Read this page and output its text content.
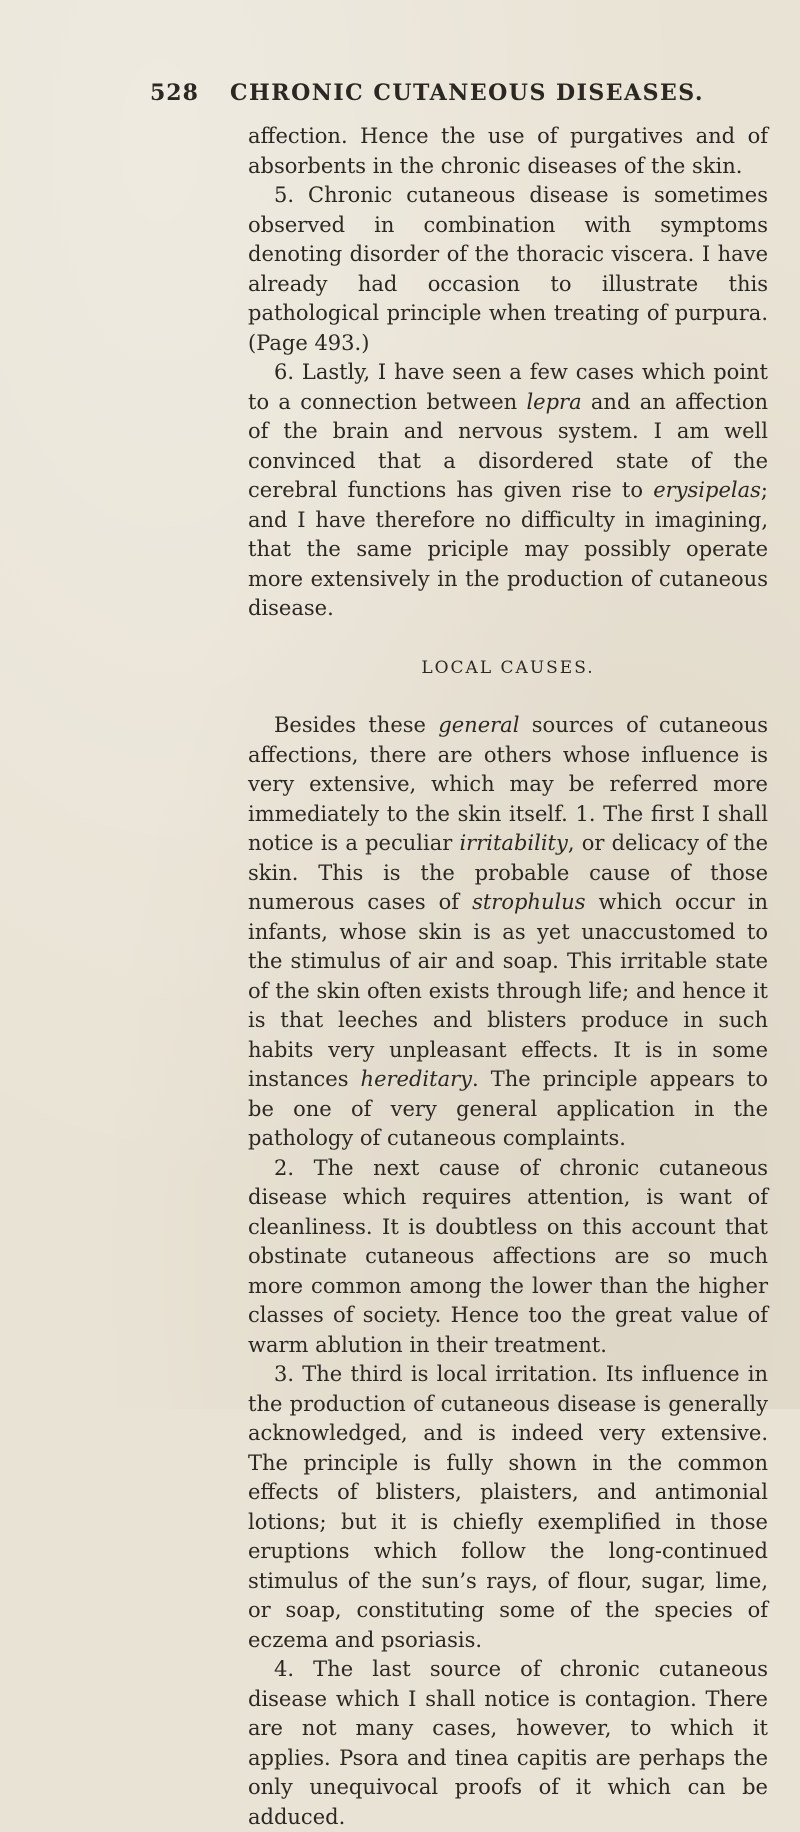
528 CHRONIC CUTANEOUS DISEASES.

affection. Hence the use of purgatives and of absorbents in the chronic diseases of the skin.

5. Chronic cutaneous disease is sometimes observed in combination with symptoms denoting disorder of the thoracic viscera. I have already had occasion to illustrate this pathological principle when treating of purpura. (Page 493.)

6. Lastly, I have seen a few cases which point to a connection between lepra and an affection of the brain and nervous system. I am well convinced that a disordered state of the cerebral functions has given rise to erysipelas; and I have therefore no difficulty in imagining, that the same priciple may possibly operate more extensively in the production of cutaneous disease.

LOCAL CAUSES.

Besides these general sources of cutaneous affections, there are others whose influence is very extensive, which may be referred more immediately to the skin itself. 1. The first I shall notice is a peculiar irritability, or delicacy of the skin. This is the probable cause of those numerous cases of strophulus which occur in infants, whose skin is as yet unaccustomed to the stimulus of air and soap. This irritable state of the skin often exists through life; and hence it is that leeches and blisters produce in such habits very unpleasant effects. It is in some instances hereditary. The principle appears to be one of very general application in the pathology of cutaneous complaints.

2. The next cause of chronic cutaneous disease which requires attention, is want of cleanliness. It is doubtless on this account that obstinate cutaneous affections are so much more common among the lower than the higher classes of society. Hence too the great value of warm ablution in their treatment.

3. The third is local irritation. Its influence in the production of cutaneous disease is generally acknowledged, and is indeed very extensive. The principle is fully shown in the common effects of blisters, plaisters, and antimonial lotions; but it is chiefly exemplified in those eruptions which follow the long-continued stimulus of the sun’s rays, of flour, sugar, lime, or soap, constituting some of the species of eczema and psoriasis.

4. The last source of chronic cutaneous disease which I shall notice is contagion. There are not many cases, however, to which it applies. Psora and tinea capitis are perhaps the only unequivocal proofs of it which can be adduced.
